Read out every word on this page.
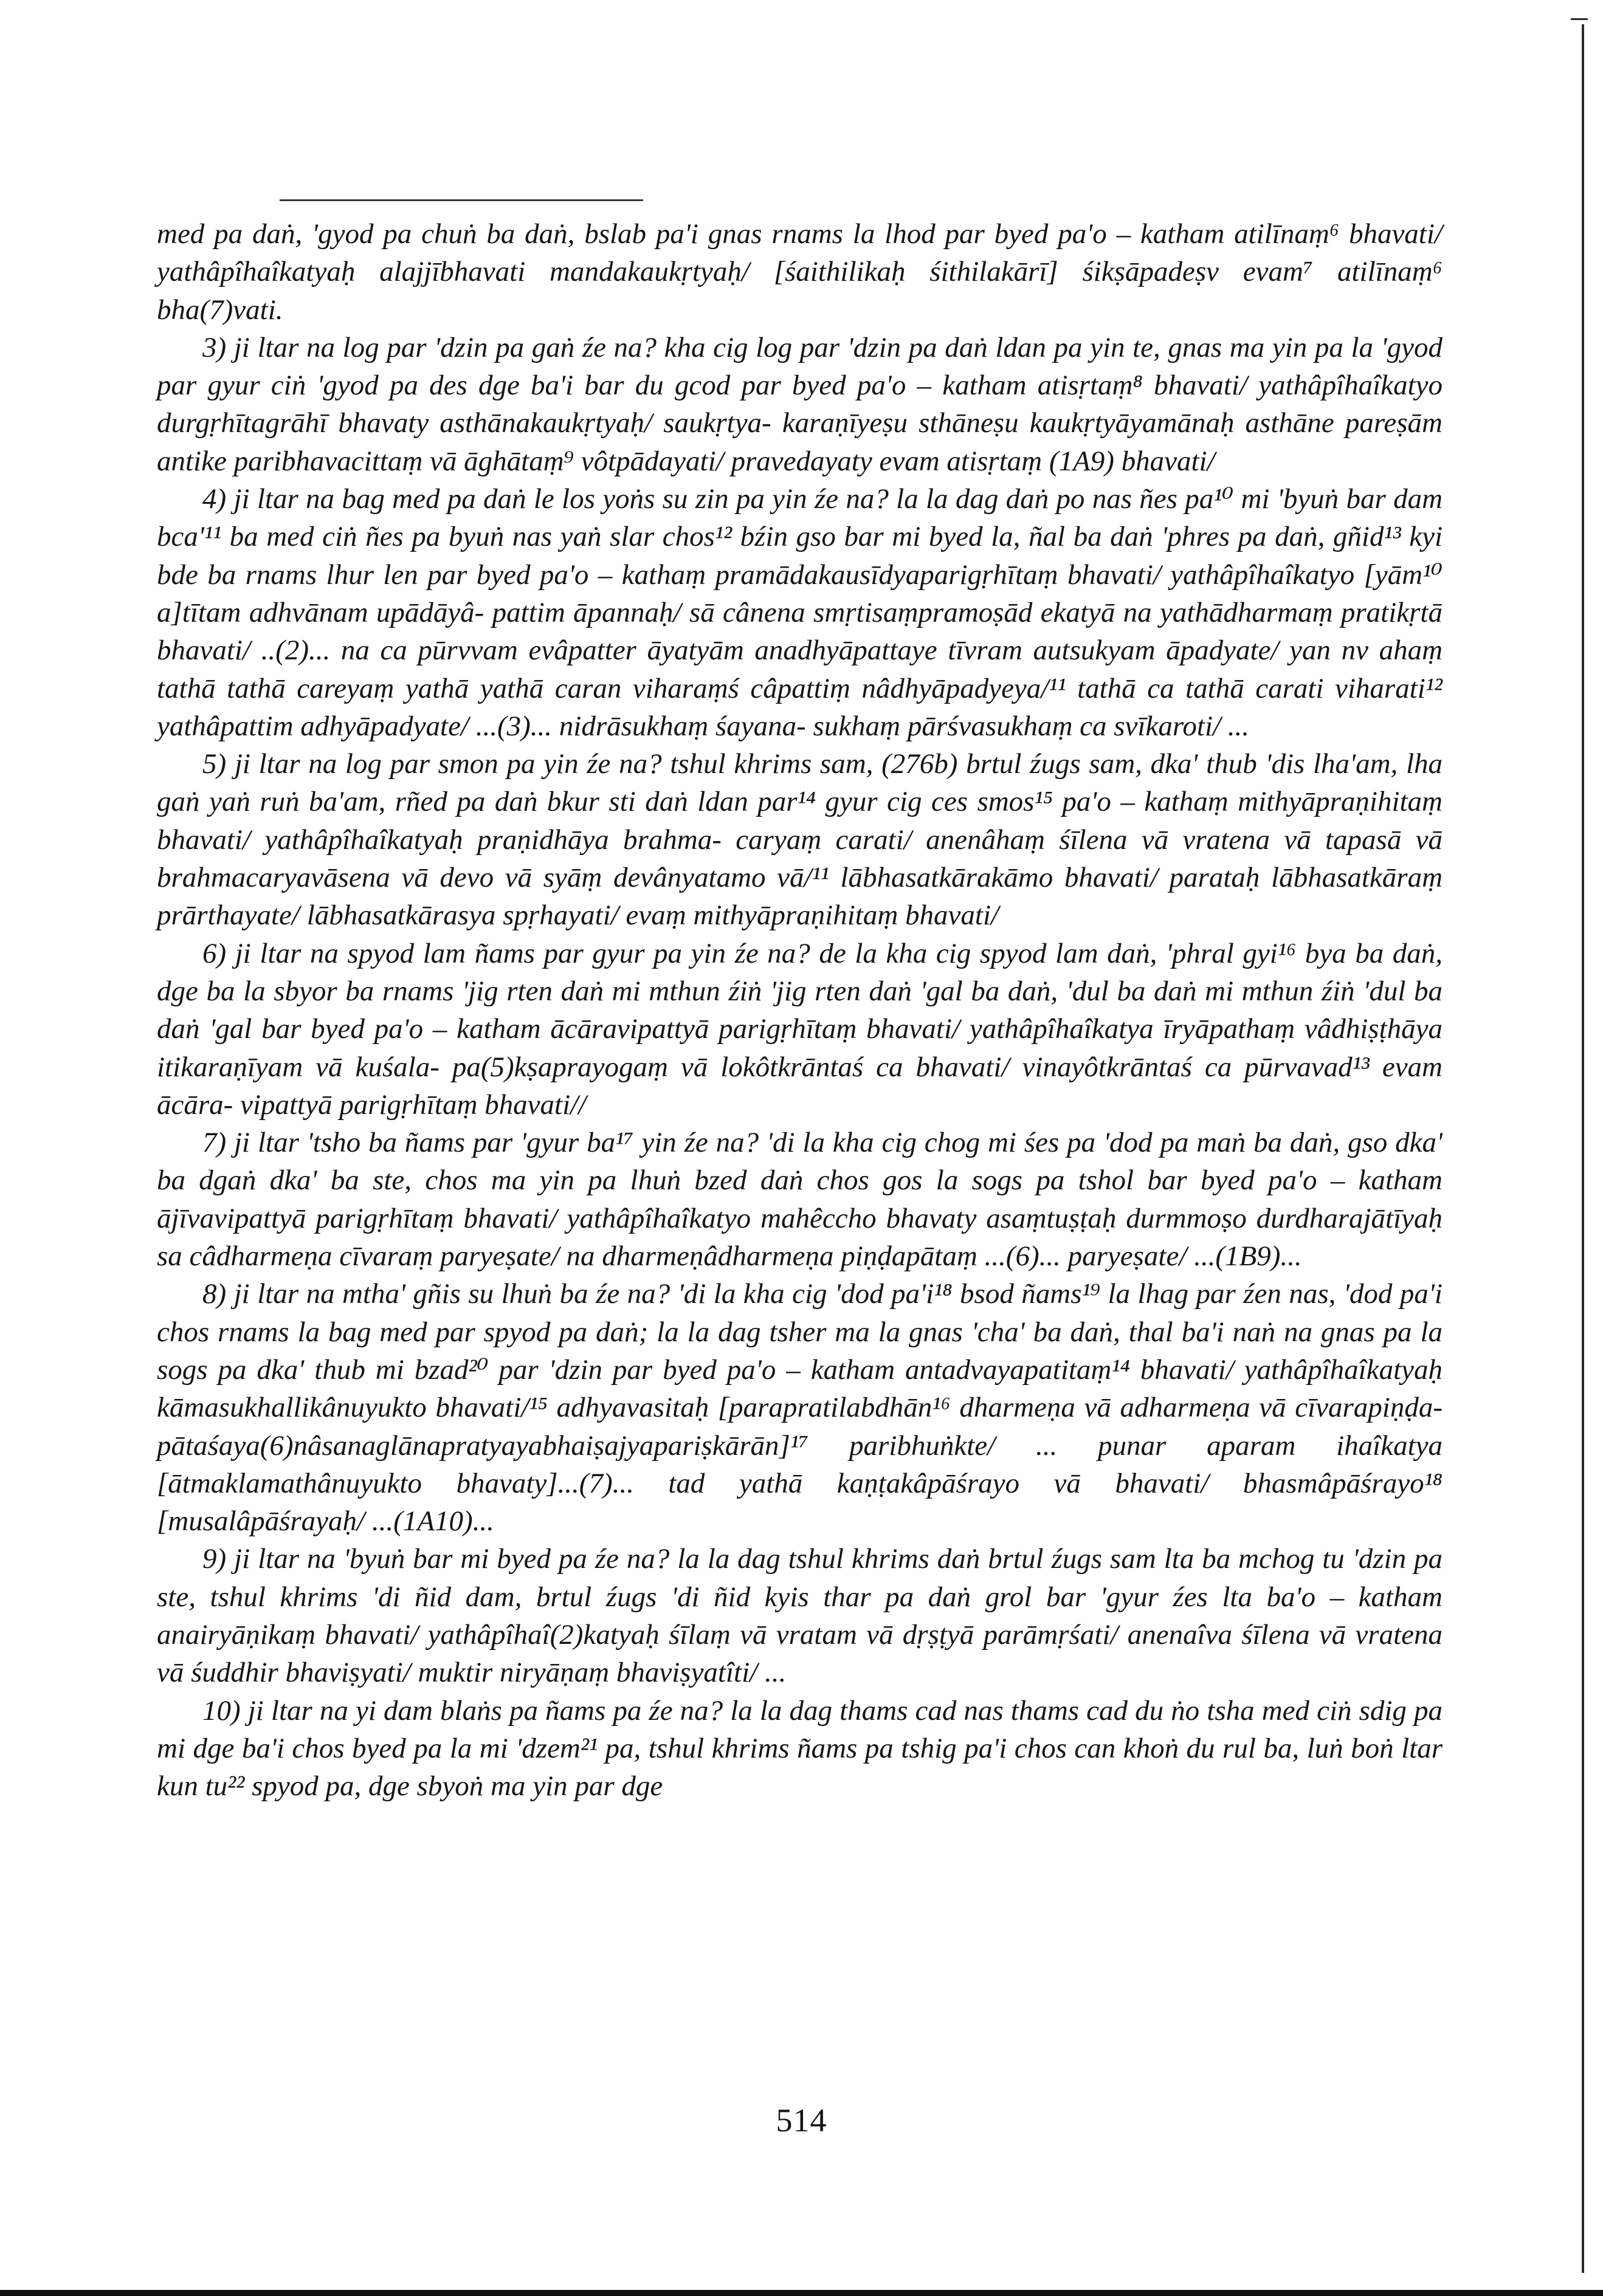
med pa daṅ, 'gyod pa chuṅ ba daṅ, bslab pa'i gnas rnams la lhod par byed pa'o – katham atilīnaṃ⁶ bhavati/ yathâpîhaîkatyaḥ alajjībhavati mandakaukṛtyaḥ/ [śaithilikaḥ śithilakārī] śikṣāpadeṣv evam⁷ atilīnaṃ⁶ bha(7)vati.

3) ji ltar na log par 'dzin pa gaṅ źe na? kha cig log par 'dzin pa daṅ ldan pa yin te, gnas ma yin pa la 'gyod par gyur ciṅ 'gyod pa des dge ba'i bar du gcod par byed pa'o – katham atisṛtaṃ⁸ bhavati/ yathâpîhaîkatyo durgṛhītagrāhī bhavaty asthānakaukṛtyaḥ/ saukṛtya- karaṇīyeṣu sthāneṣu kaukṛtyāyamānaḥ asthāne pareṣām antike paribhavacittaṃ vā āghātaṃ⁹ vôtpādayati/ pravedayaty evam atisṛtaṃ (1A9) bhavati/

4) ji ltar na bag med pa daṅ le los yoṅs su zin pa yin źe na? la la dag daṅ po nas ñes pa¹⁰ mi 'byuṅ bar dam bca'¹¹ ba med ciṅ ñes pa byuṅ nas yaṅ slar chos¹² bźin gso bar mi byed la, ñal ba daṅ 'phres pa daṅ, gñid¹³ kyi bde ba rnams lhur len par byed pa'o – kathaṃ pramādakausīdyaparigṛhītaṃ bhavati/ yathâpîhaîkatyo [yām¹⁰ a]tītam adhvānam upādāyâ- pattim āpannaḥ/ sā cânena smṛtisaṃpramoṣād ekatyā na yathādharmaṃ pratikṛtā bhavati/ ..(2)... na ca pūrvvam evâpatter āyatyām anadhyāpattaye tīvram autsukyam āpadyate/ yan nv ahaṃ tathā tathā careyaṃ yathā yathā caran viharaṃś câpattiṃ nâdhyāpadyeya/¹¹ tathā ca tathā carati viharati¹² yathâpattim adhyāpadyate/ ...(3)... nidrāsukhaṃ śayana- sukhaṃ pārśvasukhaṃ ca svīkaroti/ ...

5) ji ltar na log par smon pa yin źe na? tshul khrims sam, (276b) brtul źugs sam, dka' thub 'dis lha'am, lha gaṅ yaṅ ruṅ ba'am, rñed pa daṅ bkur sti daṅ ldan par¹⁴ gyur cig ces smos¹⁵ pa'o – kathaṃ mithyāpraṇihitaṃ bhavati/ yathâpîhaîkatyaḥ praṇidhāya brahma- caryaṃ carati/ anenâhaṃ śīlena vā vratena vā tapasā vā brahmacaryavāsena vā devo vā syāṃ devânyatamo vā/¹¹ lābhasatkārakāmo bhavati/ parataḥ lābhasatkāraṃ prārthayate/ lābhasatkārasya spṛhayati/ evaṃ mithyāpraṇihitaṃ bhavati/

6) ji ltar na spyod lam ñams par gyur pa yin źe na? de la kha cig spyod lam daṅ, 'phral gyi¹⁶ bya ba daṅ, dge ba la sbyor ba rnams 'jig rten daṅ mi mthun źiṅ 'jig rten daṅ 'gal ba daṅ, 'dul ba daṅ mi mthun źiṅ 'dul ba daṅ 'gal bar byed pa'o – katham ācāravipattyā parigṛhītaṃ bhavati/ yathâpîhaîkatya īryāpathaṃ vâdhiṣṭhāya itikaraṇīyam vā kuśala- pa(5)kṣaprayogaṃ vā lokôtkrāntaś ca bhavati/ vinayôtkrāntaś ca pūrvavad¹³ evam ācāra- vipattyā parigṛhītaṃ bhavati//

7) ji ltar 'tsho ba ñams par 'gyur ba¹⁷ yin źe na? 'di la kha cig chog mi śes pa 'dod pa maṅ ba daṅ, gso dka' ba dgaṅ dka' ba ste, chos ma yin pa lhuṅ bzed daṅ chos gos la sogs pa tshol bar byed pa'o – katham ājīvavipattyā parigṛhītaṃ bhavati/ yathâpîhaîkatyo mahêccho bhavaty asaṃtuṣṭaḥ durmmoṣo durdharajātīyaḥ sa câdharmeṇa cīvaraṃ paryeṣate/ na dharmeṇâdharmeṇa piṇḍapātaṃ ...(6)... paryeṣate/ ...(1B9)...

8) ji ltar na mtha' gñis su lhuṅ ba źe na? 'di la kha cig 'dod pa'i¹⁸ bsod ñams¹⁹ la lhag par źen nas, 'dod pa'i chos rnams la bag med par spyod pa daṅ; la la dag tsher ma la gnas 'cha' ba daṅ, thal ba'i naṅ na gnas pa la sogs pa dka' thub mi bzad²⁰ par 'dzin par byed pa'o – katham antadvayapatitaṃ¹⁴ bhavati/ yathâpîhaîkatyaḥ kāmasukhallikânuyukto bhavati/¹⁵ adhyavasitaḥ [parapratilabdhān¹⁶ dharmeṇa vā adharmeṇa vā cīvarapiṇḍa- pātaśaya(6)nâsanaglānapratyayabhaiṣajyapariṣkārān]¹⁷ paribhuṅkte/ ... punar aparam ihaîkatya [ātmaklamathânuyukto bhavaty]...(7)... tad yathā kaṇṭakâpāśrayo vā bhavati/ bhasmâpāśrayo¹⁸ [musalâpāśrayaḥ/ ...(1A10)...

9) ji ltar na 'byuṅ bar mi byed pa źe na? la la dag tshul khrims daṅ brtul źugs sam lta ba mchog tu 'dzin pa ste, tshul khrims 'di ñid dam, brtul źugs 'di ñid kyis thar pa daṅ grol bar 'gyur źes lta ba'o – katham anairyāṇikaṃ bhavati/ yathâpîhaî(2)katyaḥ śīlaṃ vā vratam vā dṛṣṭyā parāmṛśati/ anenaîva śīlena vā vratena vā śuddhir bhaviṣyati/ muktir niryāṇaṃ bhaviṣyatîti/ ...

10) ji ltar na yi dam blaṅs pa ñams pa źe na? la la dag thams cad nas thams cad du ṅo tsha med ciṅ sdig pa mi dge ba'i chos byed pa la mi 'dzem²¹ pa, tshul khrims ñams pa tshig pa'i chos can khoṅ du rul ba, luṅ boṅ ltar kun tu²² spyod pa, dge sbyoṅ ma yin par dge

514
